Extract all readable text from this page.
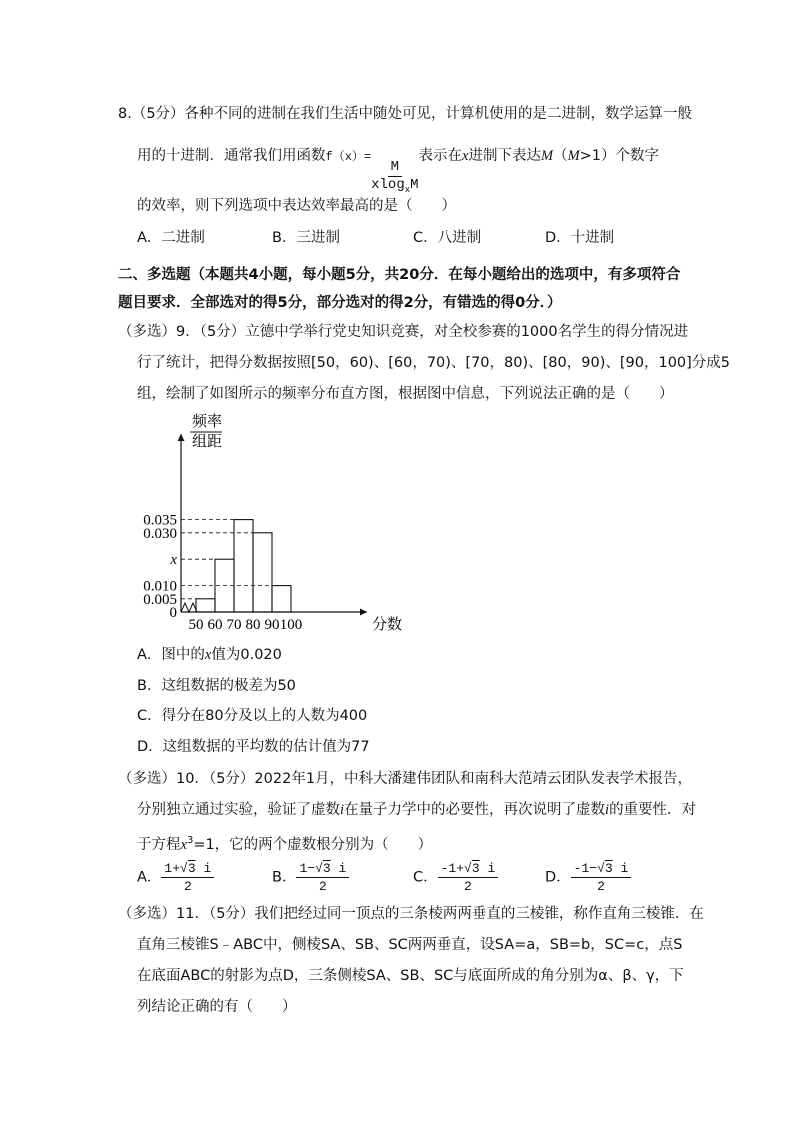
8.（5分）各种不同的进制在我们生活中随处可见，计算机使用的是二进制，数学运算一般
用的十进制．通常我们用函数f（x）=
$\frac{M}{xlog_xM}$
表示在x进制下表达M（M>1）个数字
的效率，则下列选项中表达效率最高的是（　　）
A．二进制	B．三进制	C．八进制	D．十进制
二、多选题（本题共4小题，每小题5分，共20分．在每小题给出的选项中，有多项符合
题目要求．全部选对的得5分，部分选对的得2分，有错选的得0分．）
（多选）9．（5分）立德中学举行党史知识竞赛，对全校参赛的1000名学生的得分情况进
行了统计，把得分数据按照[50，60)、[60，70)、[70，80)、[80，90)、[90，100]分成5
组，绘制了如图所示的频率分布直方图，根据图中信息，下列说法正确的是（　　）
频率
组距
分数
0.035
0.030
x
0.010
0.005
0
50 60 70 80 90 100
A．图中的x值为0.020
B．这组数据的极差为50
C．得分在80分及以上的人数为400
D．这组数据的平均数的估计值为77
（多选）10．（5分）2022年1月，中科大潘建伟团队和南科大范靖云团队发表学术报告，
分别独立通过实验，验证了虚数i在量子力学中的必要性，再次说明了虚数i的重要性．对
于方程$x^3=1$，它的两个虚数根分别为（　　）
A． $\frac{1+√3 i}{2}$	B． $\frac{1-√3 i}{2}$	C． $\frac{-1+√3 i}{2}$	D． $\frac{-1-√3 i}{2}$
（多选）11．（5分）我们把经过同一顶点的三条棱两两垂直的三棱锥，称作直角三棱锥．在
直角三棱锥S﹣ABC中，侧棱SA、SB、SC两两垂直，设SA=a，SB=b，SC=c，点S
在底面ABC的射影为点D，三条侧棱SA、SB、SC与底面所成的角分别为α、β、γ，下
列结论正确的有（　　）
